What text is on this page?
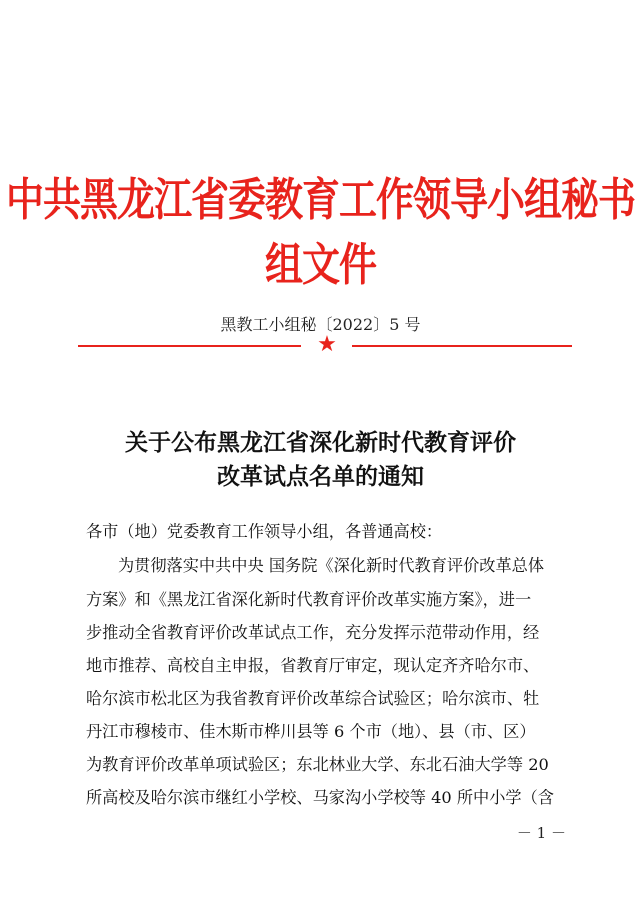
中共黑龙江省委教育工作领导小组秘书组文件
黑教工小组秘〔2022〕5 号
★
关于公布黑龙江省深化新时代教育评价
改革试点名单的通知
各市（地）党委教育工作领导小组，各普通高校：
为贯彻落实中共中央 国务院《深化新时代教育评价改革总体
方案》和《黑龙江省深化新时代教育评价改革实施方案》，进一
步推动全省教育评价改革试点工作，充分发挥示范带动作用，经
地市推荐、高校自主申报，省教育厅审定，现认定齐齐哈尔市、
哈尔滨市松北区为我省教育评价改革综合试验区；哈尔滨市、牡
丹江市穆棱市、佳木斯市桦川县等 6 个市（地）、县（市、区）
为教育评价改革单项试验区；东北林业大学、东北石油大学等 20
所高校及哈尔滨市继红小学校、马家沟小学校等 40 所中小学（含
－ 1 －
